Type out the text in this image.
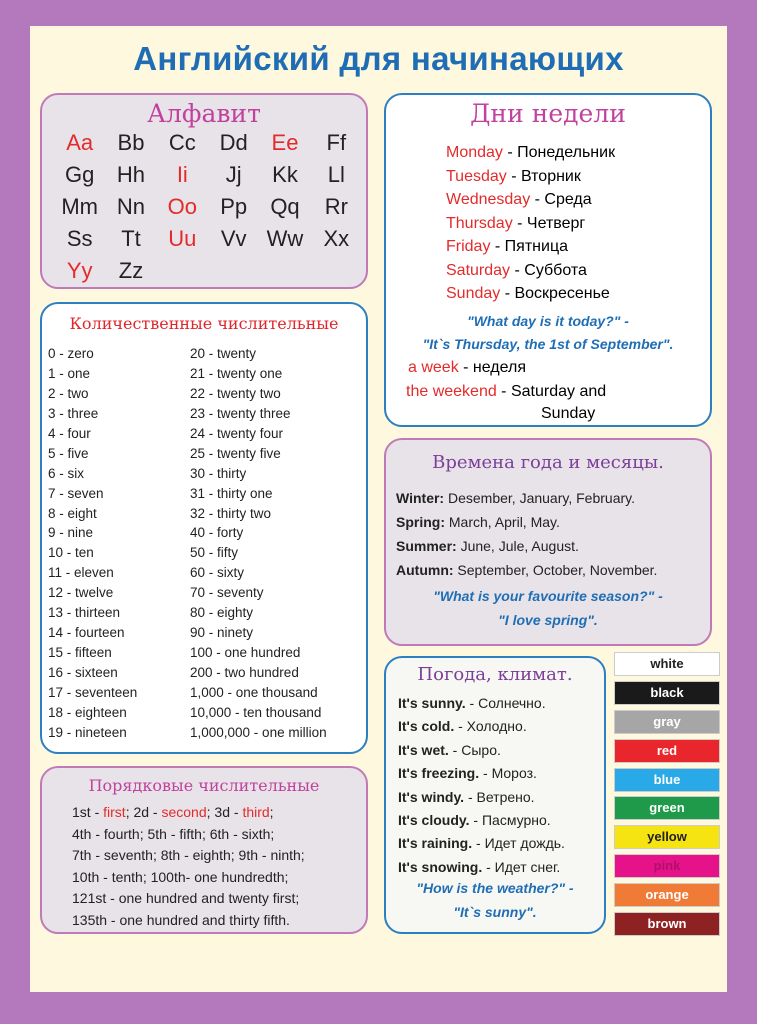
Английский для начинающих
Алфавит
Aa	Bb	Cc	Dd	Ee	Ff
Gg	Hh	Ii	Jj	Kk	Ll
Mm Nn	Oo	Pp	Qq	Rr
Ss	Tt	Uu	Vv Ww Xx
Yy	Zz
Количественные числительные
0 - zero
1 - one
2 - two
3 - three
4 - four
5 - five
6 - six
7 - seven
8 - eight
9 - nine
10 - ten
11 - eleven
12 - twelve
13 - thirteen
14 - fourteen
15 - fifteen
16 - sixteen
17 - seventeen
18 - eighteen
19 - nineteen
20 - twenty
21 - twenty one
22 - twenty two
23 - twenty three
24 - twenty four
25 - twenty five
30 - thirty
31 - thirty one
32 - thirty two
40 - forty
50 - fifty
60 - sixty
70 - seventy
80 - eighty
90 - ninety
100 - one hundred
200 - two hundred
1,000 - one thousand
10,000 - ten thousand
1,000,000 - one million
Порядковые числительные
1st - first; 2d - second; 3d - third;
4th - fourth; 5th - fifth; 6th - sixth;
7th - seventh; 8th - eighth; 9th - ninth;
10th - tenth; 100th- one hundredth;
121st - one hundred and twenty first;
135th - one hundred and thirty fifth.
Дни недели
Monday - Понедельник
Tuesday - Вторник
Wednesday - Среда
Thursday - Четверг
Friday - Пятница
Saturday - Суббота
Sunday - Воскресенье
"What day is it today?" -
"It`s Thursday, the 1st of September".
a week - неделя
the weekend - Saturday and
Sunday
Времена года и месяцы.
Winter: Desember, January, February.
Spring: March, April, May.
Summer: June, Jule, August.
Autumn: September, October, November.
"What is your favourite season?" -
"I love spring".
Погода, климат.
It's sunny. - Солнечно.
It's cold. - Холодно.
It's wet. - Сыро.
It's freezing. - Мороз.
It's windy. - Ветрено.
It's cloudy. - Пасмурно.
It's raining. - Идет дождь.
It's snowing. - Идет снег.
"How is the weather?" -
"It`s sunny".
white
black
gray
red
blue
green
yellow
pink
orange
brown
